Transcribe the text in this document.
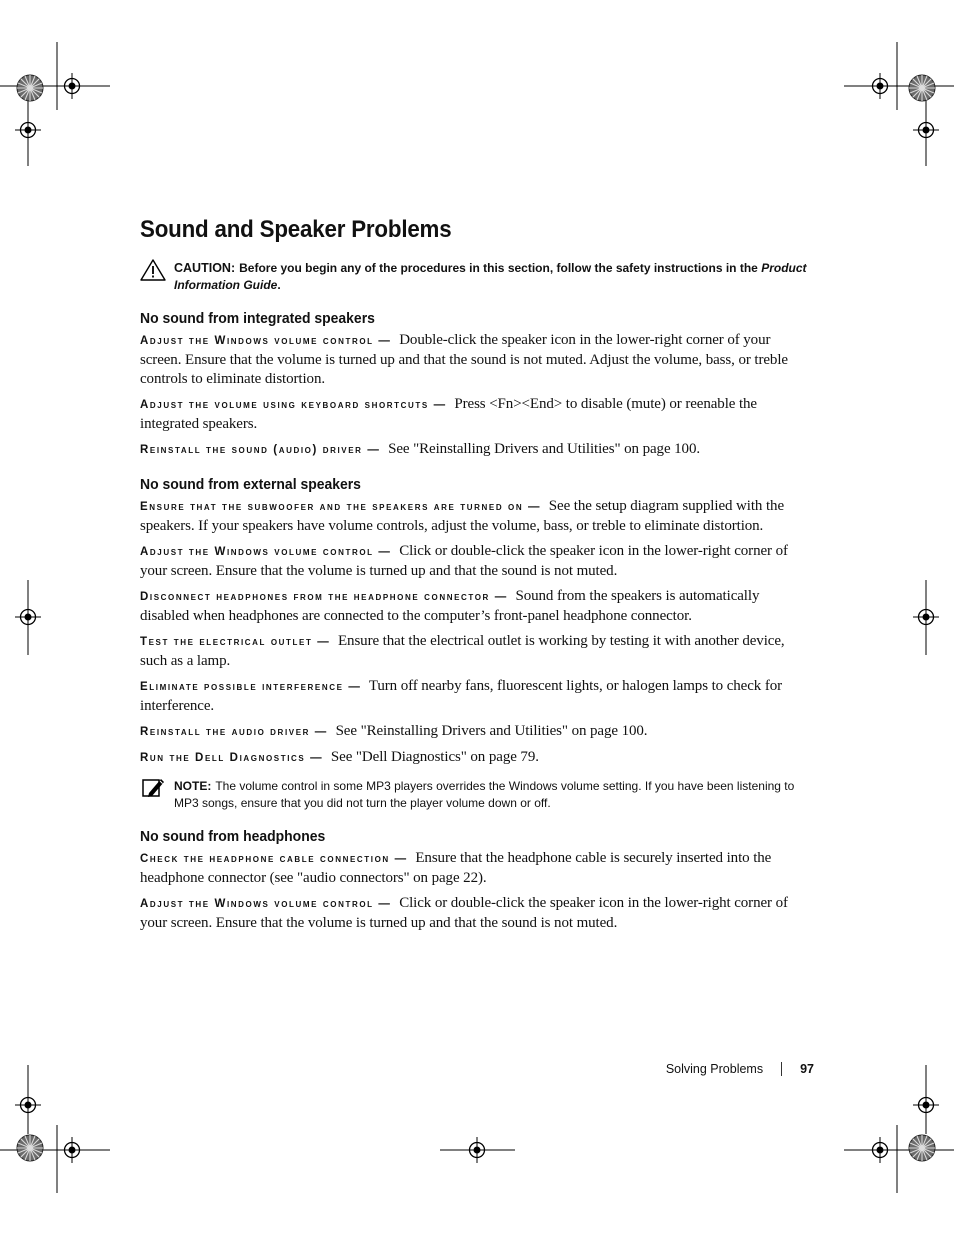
Sound and Speaker Problems
CAUTION: Before you begin any of the procedures in this section, follow the safety instructions in the Product Information Guide.
No sound from integrated speakers

Adjust the Windows volume control — Double-click the speaker icon in the lower-right corner of your screen. Ensure that the volume is turned up and that the sound is not muted. Adjust the volume, bass, or treble controls to eliminate distortion.

Adjust the volume using keyboard shortcuts — Press <Fn><End> to disable (mute) or reenable the integrated speakers.

Reinstall the sound (audio) driver — See "Reinstalling Drivers and Utilities" on page 100.

No sound from external speakers

Ensure that the subwoofer and the speakers are turned on — See the setup diagram supplied with the speakers. If your speakers have volume controls, adjust the volume, bass, or treble to eliminate distortion.

Adjust the Windows volume control — Click or double-click the speaker icon in the lower-right corner of your screen. Ensure that the volume is turned up and that the sound is not muted.

Disconnect headphones from the headphone connector — Sound from the speakers is automatically disabled when headphones are connected to the computer’s front-panel headphone connector.

Test the electrical outlet — Ensure that the electrical outlet is working by testing it with another device, such as a lamp.

Eliminate possible interference — Turn off nearby fans, fluorescent lights, or halogen lamps to check for interference.

Reinstall the audio driver — See "Reinstalling Drivers and Utilities" on page 100.

Run the Dell Diagnostics — See "Dell Diagnostics" on page 79.

NOTE: The volume control in some MP3 players overrides the Windows volume setting. If you have been listening to MP3 songs, ensure that you did not turn the player volume down or off.
No sound from headphones

Check the headphone cable connection — Ensure that the headphone cable is securely inserted into the headphone connector (see "audio connectors" on page 22).

Adjust the Windows volume control — Click or double-click the speaker icon in the lower-right corner of your screen. Ensure that the volume is turned up and that the sound is not muted.

Solving Problems	97
